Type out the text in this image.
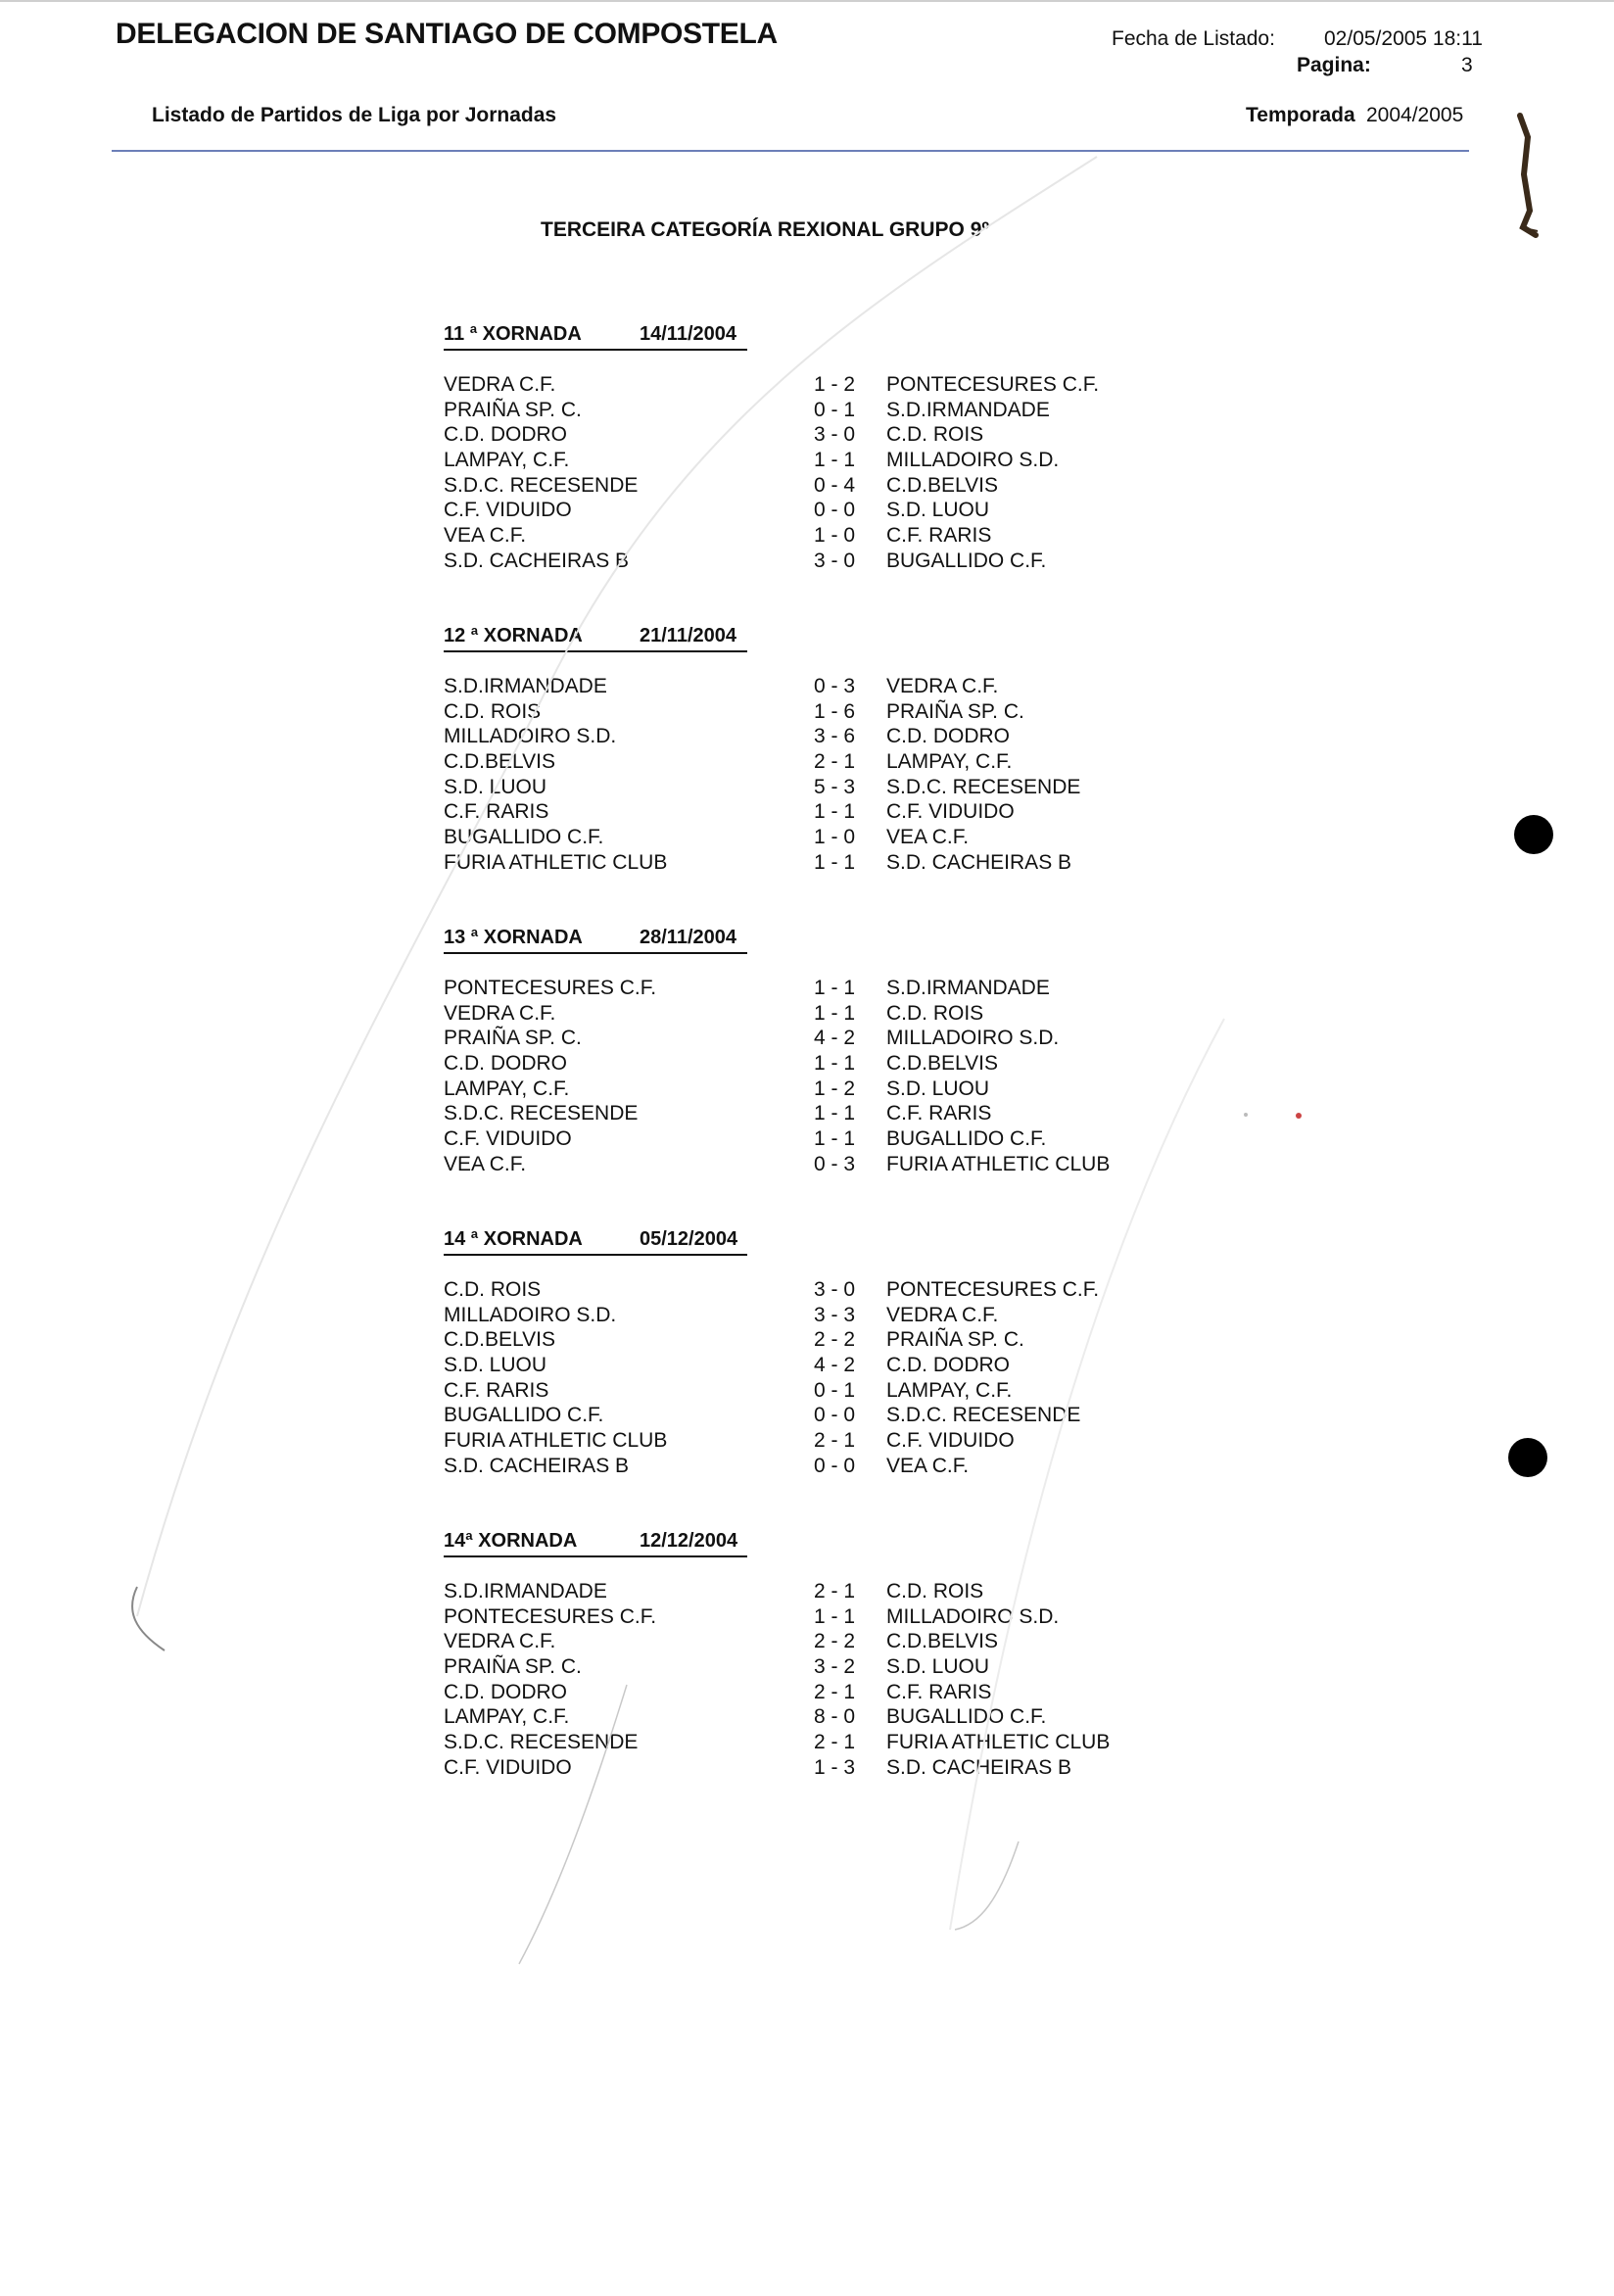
DELEGACION DE SANTIAGO DE COMPOSTELA	Fecha de Listado: 02/05/2005 18:11
Pagina:	3
Listado de Partidos de Liga por Jornadas	Temporada 2004/2005
TERCEIRA CATEGORÍA REXIONAL GRUPO 9º
11 ª XORNADA	14/11/2004
VEDRA C.F.	1 - 2	PONTECESURES C.F.
PRAIÑA SP. C.	0 - 1	S.D.IRMANDADE
C.D. DODRO	3 - 0	C.D. ROIS
LAMPAY, C.F.	1 - 1	MILLADOIRO S.D.
S.D.C. RECESENDE	0 - 4	C.D.BELVIS
C.F. VIDUIDO	0 - 0	S.D. LUOU
VEA C.F.	1 - 0	C.F. RARIS
S.D. CACHEIRAS B	3 - 0	BUGALLIDO C.F.
12 ª XORNADA	21/11/2004
S.D.IRMANDADE	0 - 3	VEDRA C.F.
C.D. ROIS	1 - 6	PRAIÑA SP. C.
MILLADOIRO S.D.	3 - 6	C.D. DODRO
C.D.BELVIS	2 - 1	LAMPAY, C.F.
S.D. LUOU	5 - 3	S.D.C. RECESENDE
C.F. RARIS	1 - 1	C.F. VIDUIDO
BUGALLIDO C.F.	1 - 0	VEA C.F.
FURIA ATHLETIC CLUB	1 - 1	S.D. CACHEIRAS B
13 ª XORNADA	28/11/2004
PONTECESURES C.F.	1 - 1	S.D.IRMANDADE
VEDRA C.F.	1 - 1	C.D. ROIS
PRAIÑA SP. C.	4 - 2	MILLADOIRO S.D.
C.D. DODRO	1 - 1	C.D.BELVIS
LAMPAY, C.F.	1 - 2	S.D. LUOU
S.D.C. RECESENDE	1 - 1	C.F. RARIS
C.F. VIDUIDO	1 - 1	BUGALLIDO C.F.
VEA C.F.	0 - 3	FURIA ATHLETIC CLUB
14 ª XORNADA	05/12/2004
C.D. ROIS	3 - 0	PONTECESURES C.F.
MILLADOIRO S.D.	3 - 3	VEDRA C.F.
C.D.BELVIS	2 - 2	PRAIÑA SP. C.
S.D. LUOU	4 - 2	C.D. DODRO
C.F. RARIS	0 - 1	LAMPAY, C.F.
BUGALLIDO C.F.	0 - 0	S.D.C. RECESENDE
FURIA ATHLETIC CLUB	2 - 1	C.F. VIDUIDO
S.D. CACHEIRAS B	0 - 0	VEA C.F.
14ª XORNADA	12/12/2004
S.D.IRMANDADE	2 - 1	C.D. ROIS
PONTECESURES C.F.	1 - 1	MILLADOIRO S.D.
VEDRA C.F.	2 - 2	C.D.BELVIS
PRAIÑA SP. C.	3 - 2	S.D. LUOU
C.D. DODRO	2 - 1	C.F. RARIS
LAMPAY, C.F.	8 - 0	BUGALLIDO C.F.
S.D.C. RECESENDE	2 - 1	FURIA ATHLETIC CLUB
C.F. VIDUIDO	1 - 3	S.D. CACHEIRAS B
